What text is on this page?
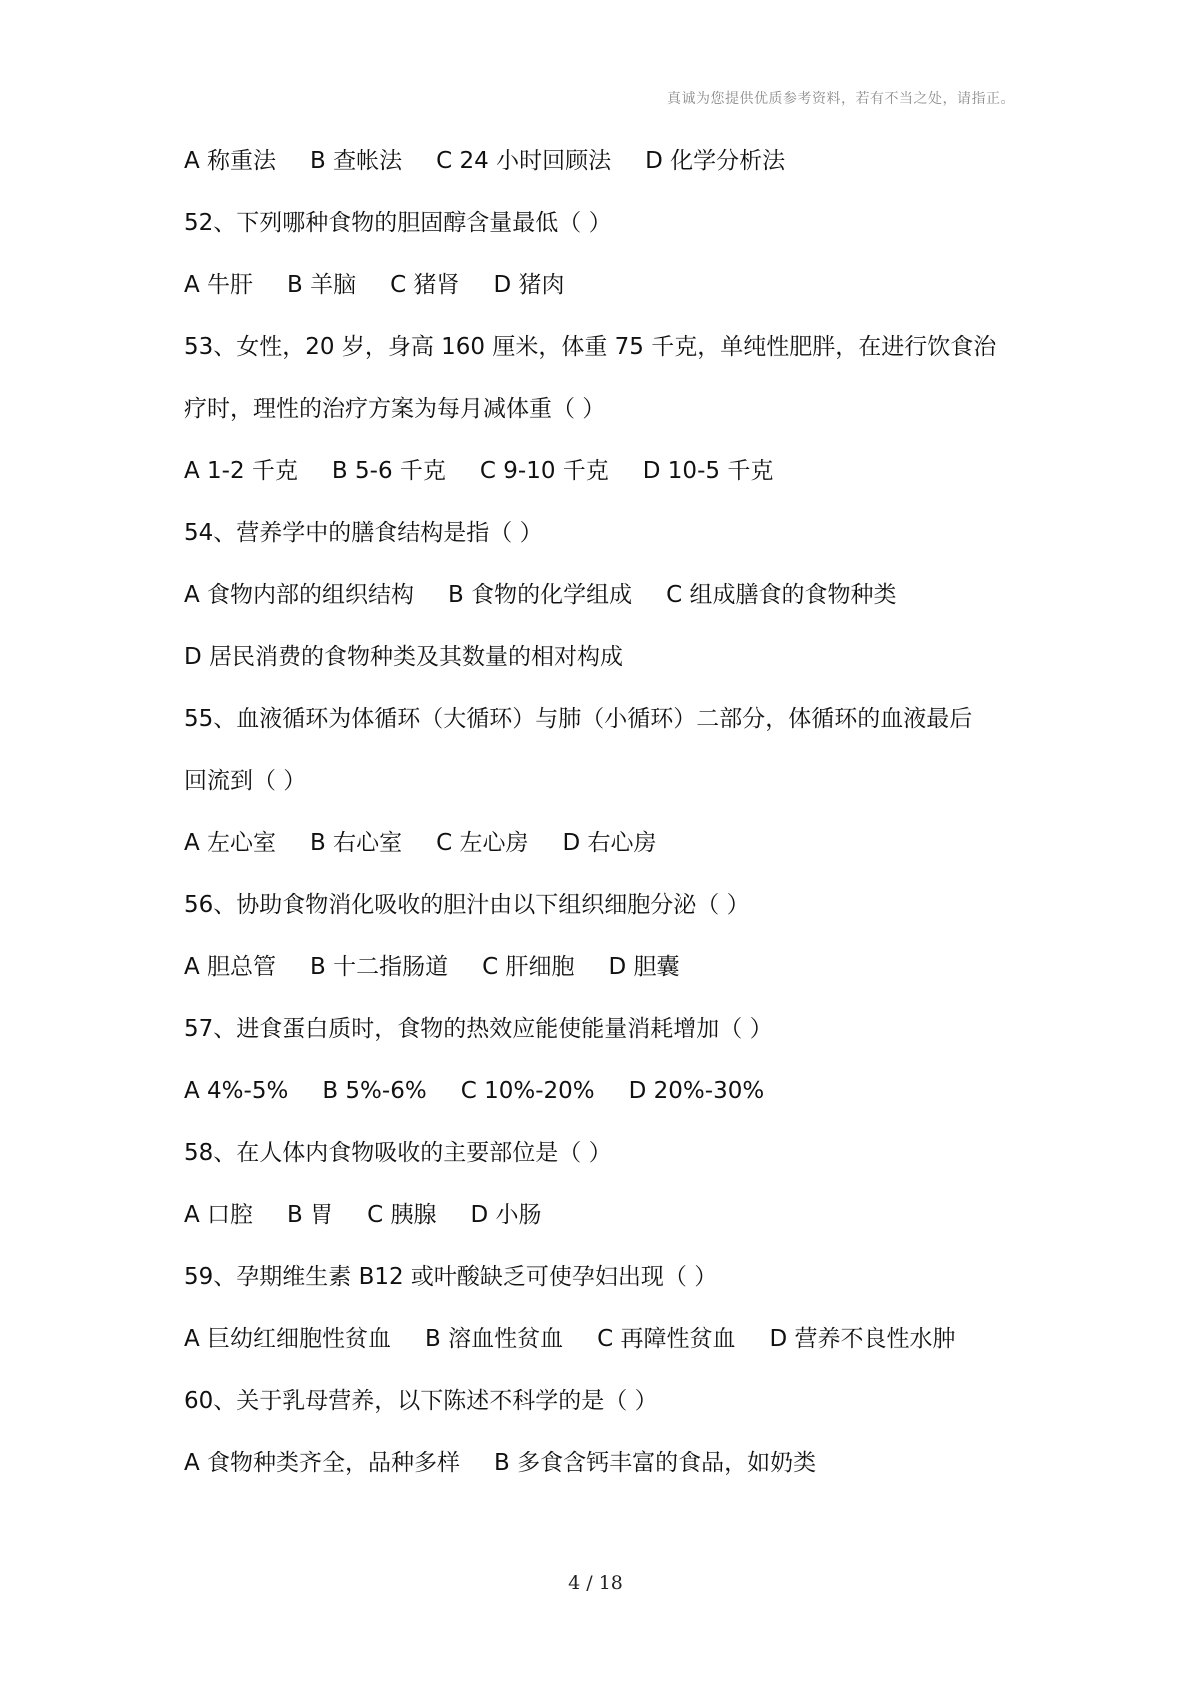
真诚为您提供优质参考资料，若有不当之处，请指正。
A 称重法 B 查帐法 C 24 小时回顾法 D 化学分析法
52、下列哪种食物的胆固醇含量最低（ ）
A 牛肝 B 羊脑 C 猪肾 D 猪肉
53、女性，20 岁，身高 160 厘米，体重 75 千克，单纯性肥胖，在进行饮食治
疗时，理性的治疗方案为每月减体重（ ）
A 1-2 千克 B 5-6 千克 C 9-10 千克 D 10-5 千克
54、营养学中的膳食结构是指（ ）
A 食物内部的组织结构 B 食物的化学组成 C 组成膳食的食物种类
D 居民消费的食物种类及其数量的相对构成
55、血液循环为体循环（大循环）与肺（小循环）二部分，体循环的血液最后
回流到（ ）
A 左心室 B 右心室 C 左心房 D 右心房
56、协助食物消化吸收的胆汁由以下组织细胞分泌（ ）
A 胆总管 B 十二指肠道 C 肝细胞 D 胆囊
57、进食蛋白质时，食物的热效应能使能量消耗增加（ ）
A 4%-5% B 5%-6% C 10%-20% D 20%-30%
58、在人体内食物吸收的主要部位是（ ）
A 口腔 B 胃 C 胰腺 D 小肠
59、孕期维生素 B12 或叶酸缺乏可使孕妇出现（ ）
A 巨幼红细胞性贫血 B 溶血性贫血 C 再障性贫血 D 营养不良性水肿
60、关于乳母营养，以下陈述不科学的是（ ）
A 食物种类齐全，品种多样 B 多食含钙丰富的食品，如奶类
4 / 18
